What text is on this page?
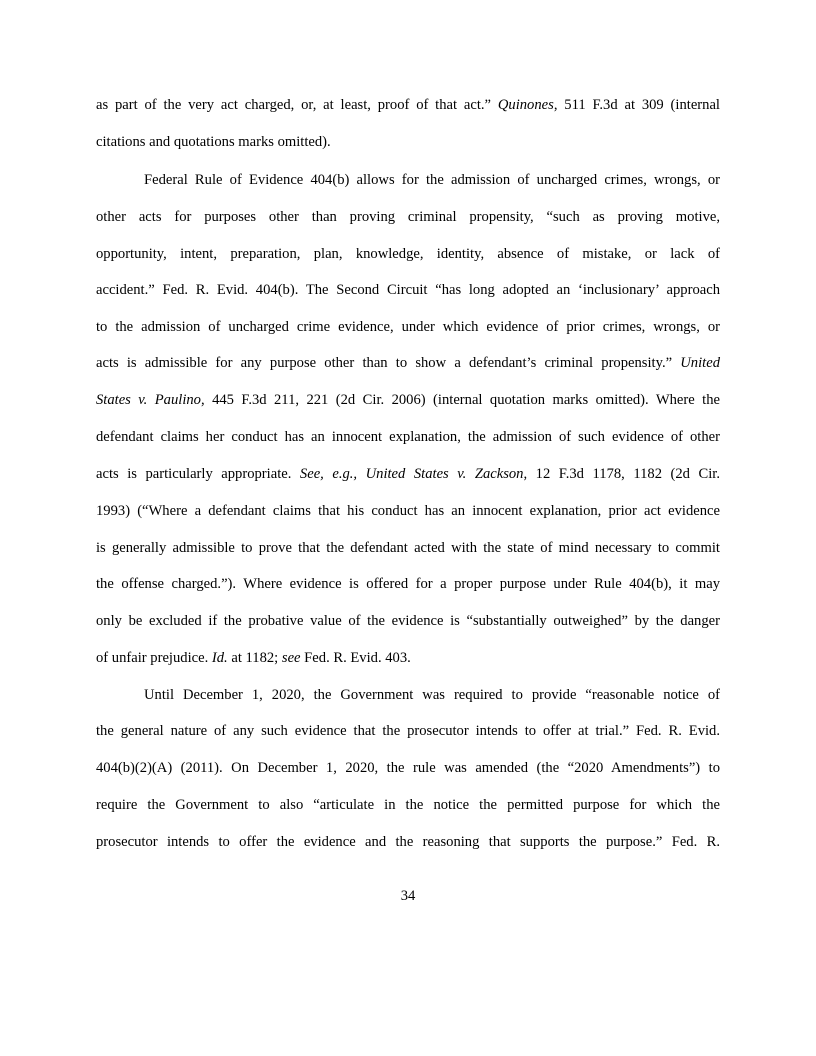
as part of the very act charged, or, at least, proof of that act.” Quinones, 511 F.3d at 309 (internal

citations and quotations marks omitted).

Federal Rule of Evidence 404(b) allows for the admission of uncharged crimes, wrongs, or

other acts for purposes other than proving criminal propensity, “such as proving motive,

opportunity, intent, preparation, plan, knowledge, identity, absence of mistake, or lack of

accident.” Fed. R. Evid. 404(b). The Second Circuit “has long adopted an ‘inclusionary’ approach

to the admission of uncharged crime evidence, under which evidence of prior crimes, wrongs, or

acts is admissible for any purpose other than to show a defendant’s criminal propensity.” United

States v. Paulino, 445 F.3d 211, 221 (2d Cir. 2006) (internal quotation marks omitted). Where the

defendant claims her conduct has an innocent explanation, the admission of such evidence of other

acts is particularly appropriate. See, e.g., United States v. Zackson, 12 F.3d 1178, 1182 (2d Cir.

1993) (“Where a defendant claims that his conduct has an innocent explanation, prior act evidence

is generally admissible to prove that the defendant acted with the state of mind necessary to commit

the offense charged.”). Where evidence is offered for a proper purpose under Rule 404(b), it may

only be excluded if the probative value of the evidence is “substantially outweighed” by the danger

of unfair prejudice. Id. at 1182; see Fed. R. Evid. 403.

Until December 1, 2020, the Government was required to provide “reasonable notice of

the general nature of any such evidence that the prosecutor intends to offer at trial.” Fed. R. Evid.

404(b)(2)(A) (2011). On December 1, 2020, the rule was amended (the “2020 Amendments”) to

require the Government to also “articulate in the notice the permitted purpose for which the

prosecutor intends to offer the evidence and the reasoning that supports the purpose.” Fed. R.

34
